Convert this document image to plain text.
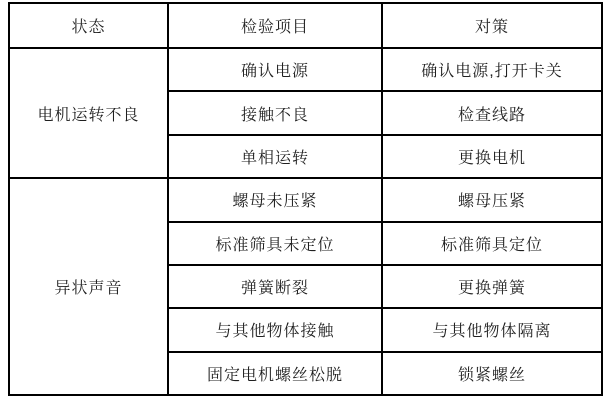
状态	检验项目	对策
电机运转不良	确认电源	确认电源,打开卡关
	接触不良	检查线路
	单相运转	更换电机
异状声音	螺母未压紧	螺母压紧
	标准筛具未定位	标准筛具定位
	弹簧断裂	更换弹簧
	与其他物体接触	与其他物体隔离
	固定电机螺丝松脱	锁紧螺丝
